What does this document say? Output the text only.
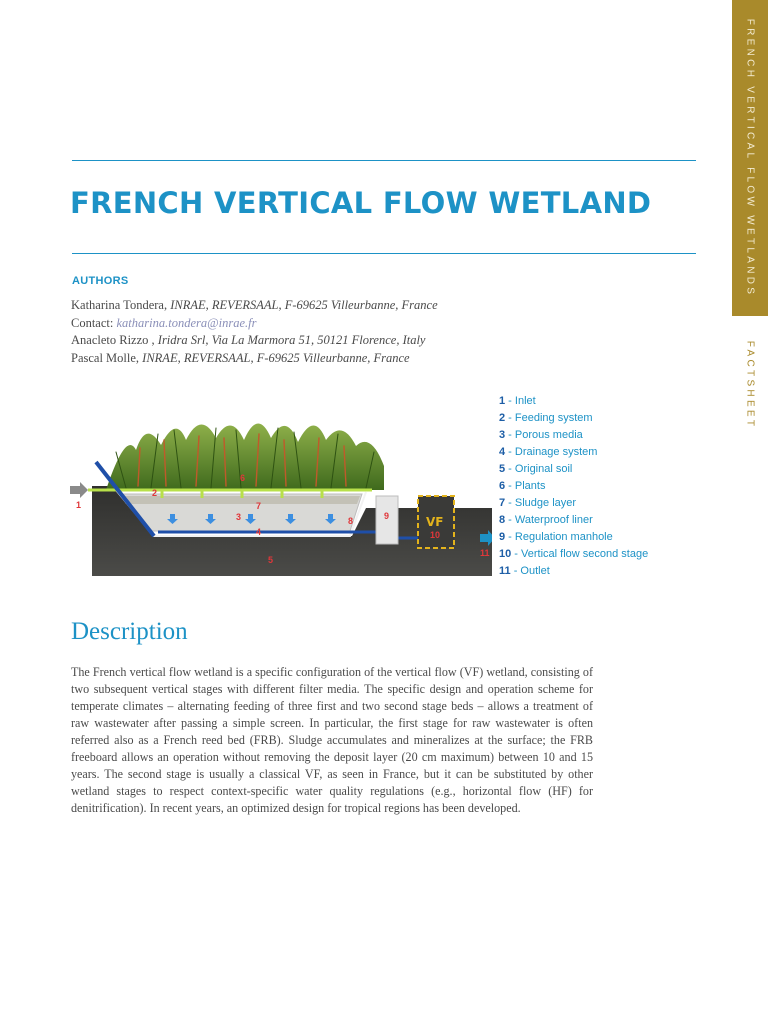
FRENCH VERTICAL FLOW WETLANDS
FACTSHEET
FRENCH VERTICAL FLOW WETLAND
AUTHORS
Katharina Tondera, INRAE, REVERSAAL, F-69625 Villeurbanne, France
Contact: katharina.tondera@inrae.fr
Anacleto Rizzo , Iridra Srl, Via La Marmora 51, 50121 Florence, Italy
Pascal Molle, INRAE, REVERSAAL, F-69625 Villeurbanne, France
1
2
6
7
3
4
8	9
10
11
5
VF
1 - Inlet
2 - Feeding system
3 - Porous media
4 - Drainage system
5 - Original soil
6 - Plants
7 - Sludge layer
8 - Waterproof liner
9 - Regulation manhole
10 - Vertical flow second stage
11 - Outlet
Description

The French vertical flow wetland is a specific configuration of the vertical flow (VF) wetland, consisting of two subsequent vertical stages with different filter media. The specific design and operation scheme for temperate climates – alternating feeding of three first and two second stage beds – allows a treatment of raw wastewater after passing a simple screen. In particular, the first stage for raw wastewater is often referred also as a French reed bed (FRB). Sludge accumulates and mineralizes at the surface; the FRB freeboard allows an operation without removing the deposit layer (20 cm maximum) between 10 and 15 years. The second stage is usually a classical VF, as seen in France, but it can be substituted by other wetland stages to respect context-specific water quality regulations (e.g., horizontal flow (HF) for denitrification). In recent years, an optimized design for tropical regions has been developed.
